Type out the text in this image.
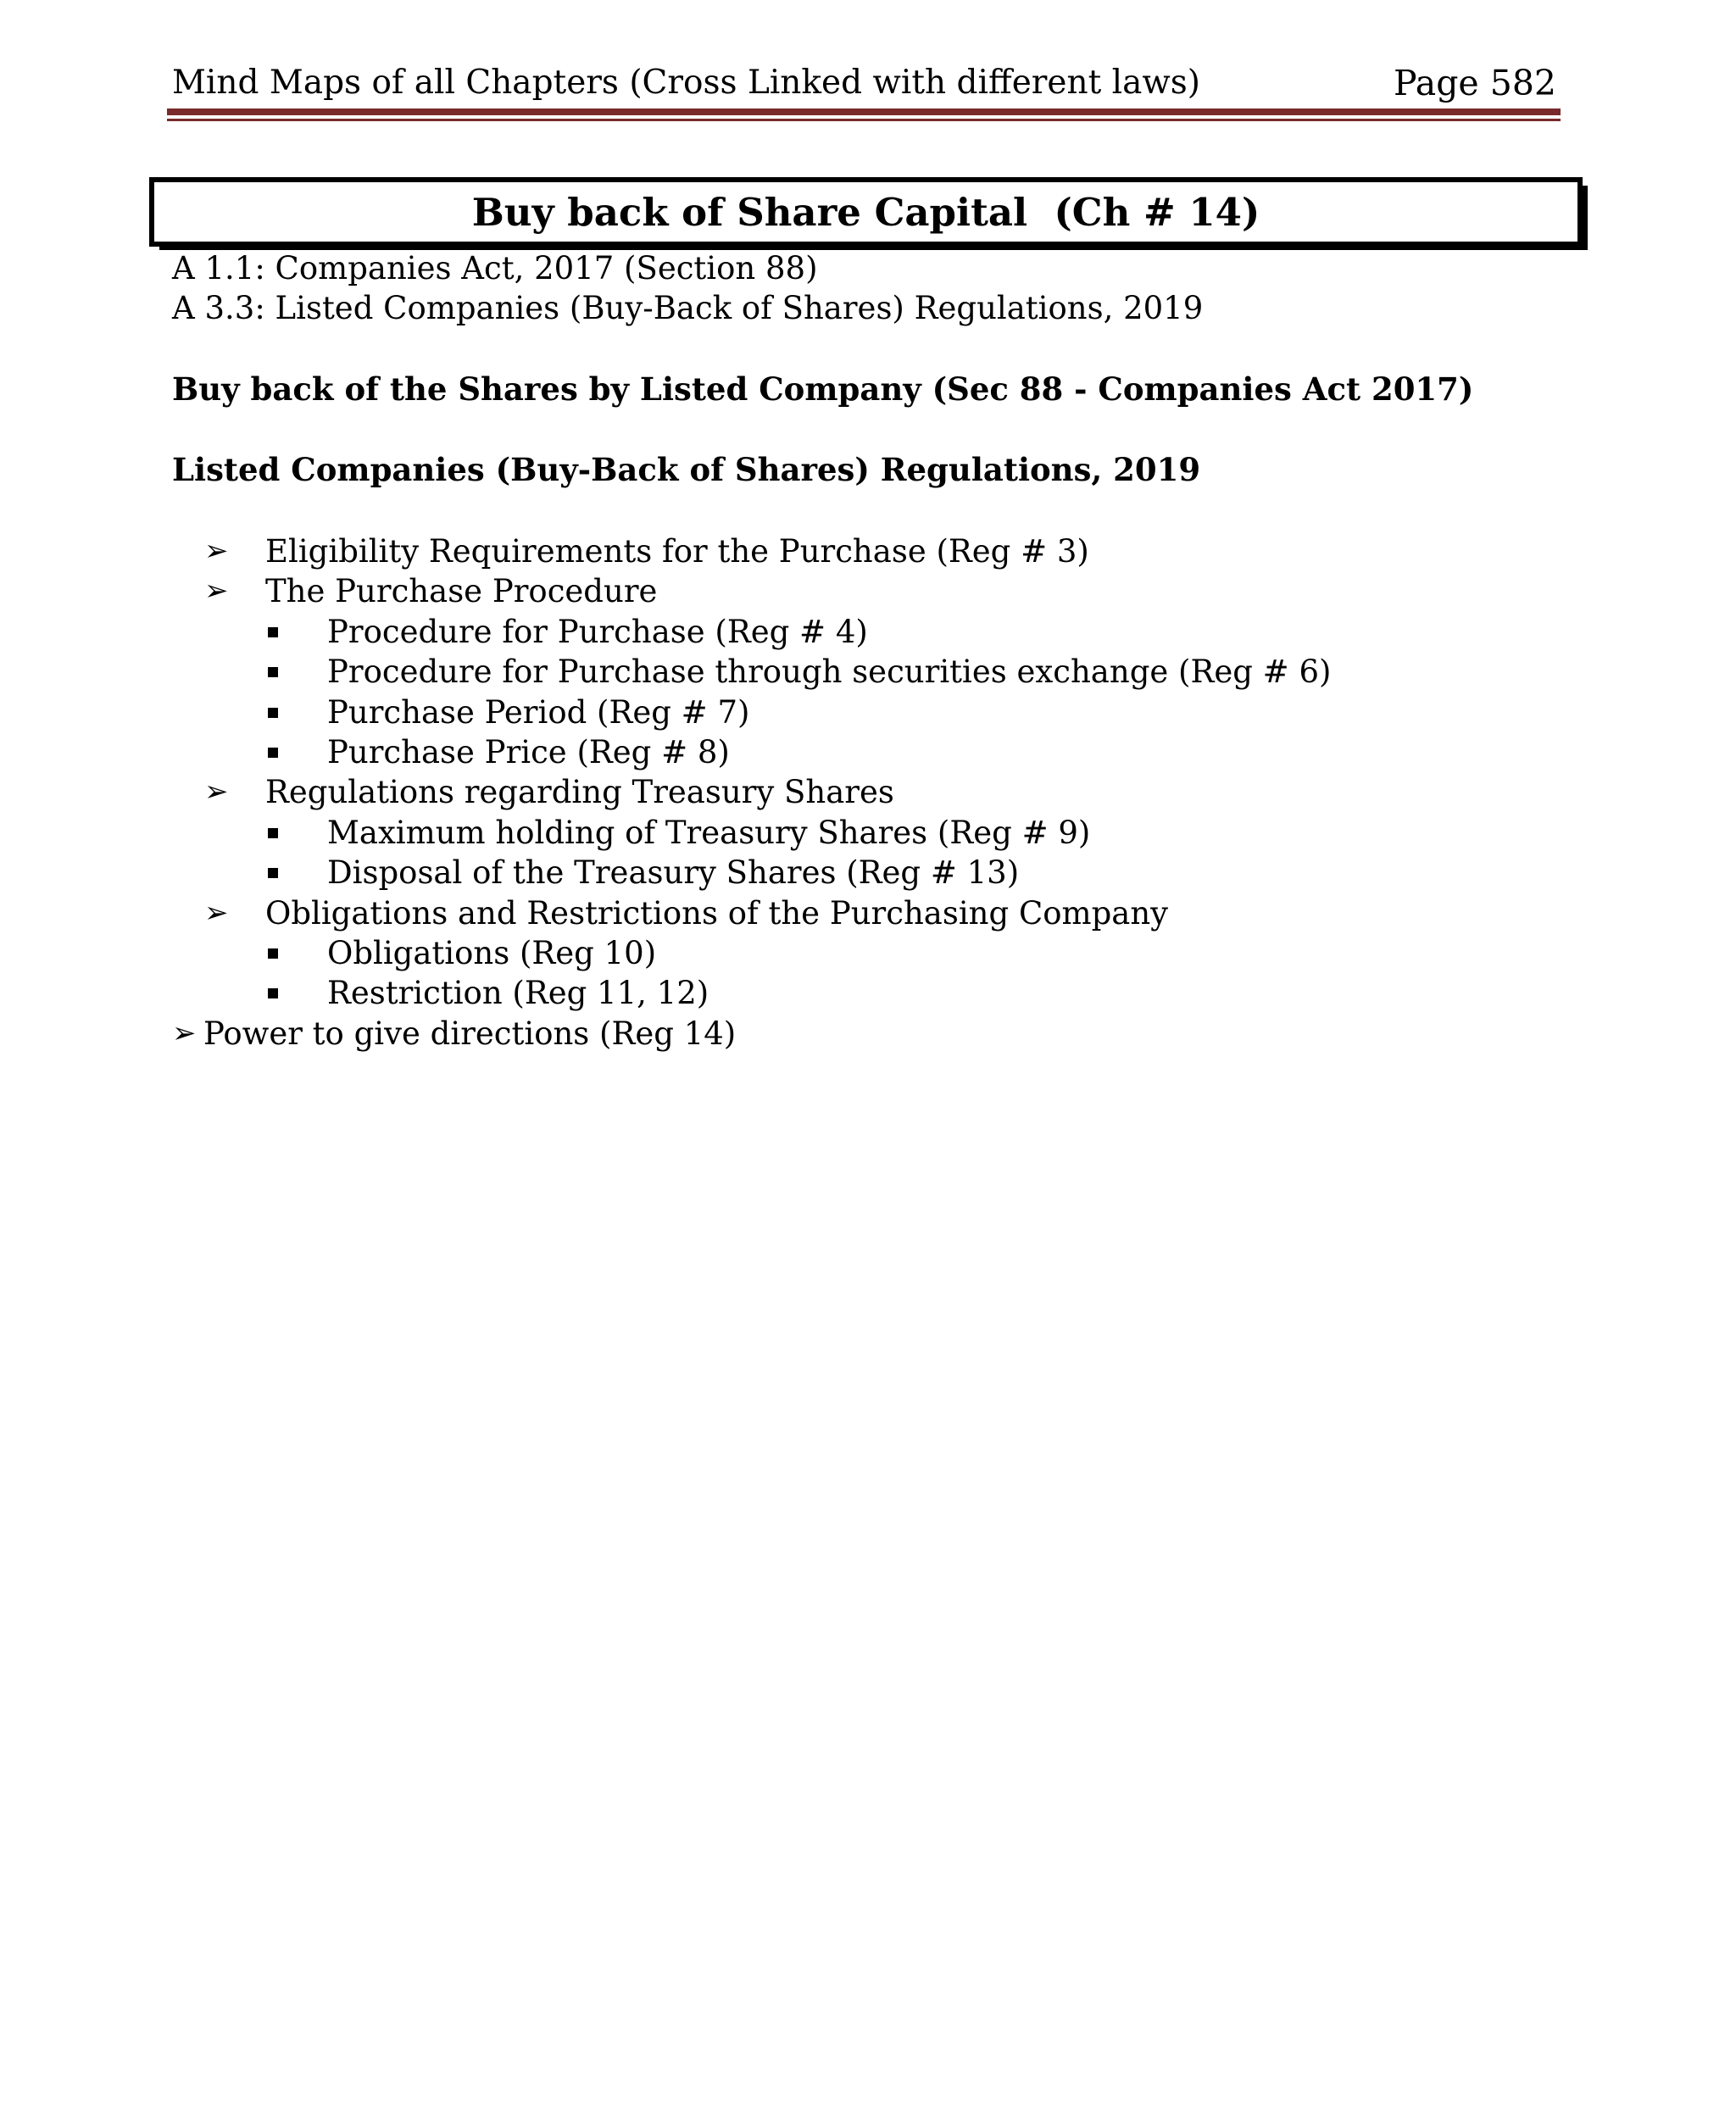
Mind Maps of all Chapters (Cross Linked with different laws)	Page 582
Buy back of Share Capital  (Ch # 14)
A 1.1: Companies Act, 2017 (Section 88)
A 3.3: Listed Companies (Buy-Back of Shares) Regulations, 2019
Buy back of the Shares by Listed Company (Sec 88 - Companies Act 2017)
Listed Companies (Buy-Back of Shares) Regulations, 2019
➢ Eligibility Requirements for the Purchase (Reg # 3)
➢ The Purchase Procedure
Procedure for Purchase (Reg # 4)
Procedure for Purchase through securities exchange (Reg # 6)
Purchase Period (Reg # 7)
Purchase Price (Reg # 8)
➢ Regulations regarding Treasury Shares
Maximum holding of Treasury Shares (Reg # 9)
Disposal of the Treasury Shares (Reg # 13)
➢ Obligations and Restrictions of the Purchasing Company
Obligations (Reg 10)
Restriction (Reg 11, 12)
➢ Power to give directions (Reg 14)
